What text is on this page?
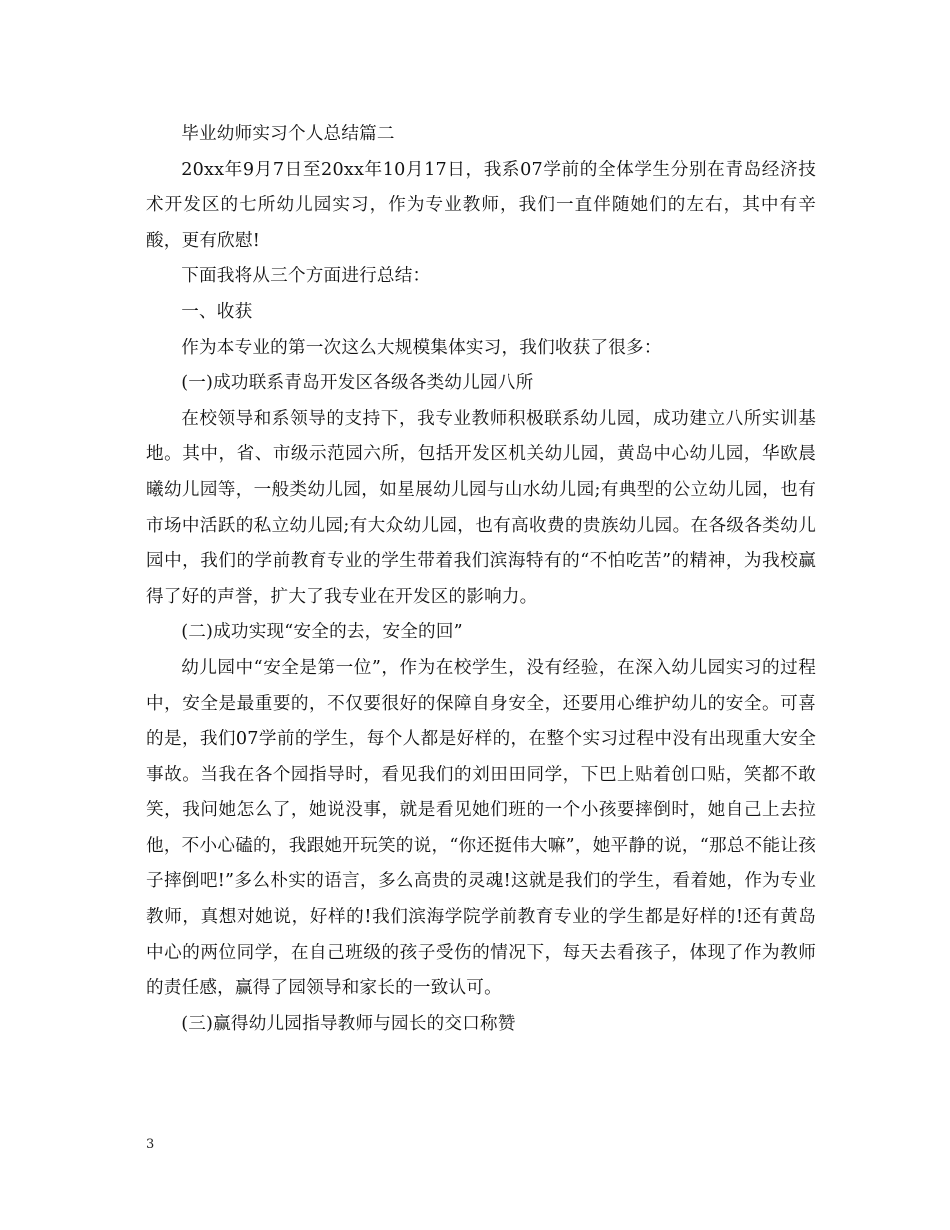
毕业幼师实习个人总结篇二

20xx年9月7日至20xx年10月17日，我系07学前的全体学生分别在青岛经济技术开发区的七所幼儿园实习，作为专业教师，我们一直伴随她们的左右，其中有辛酸，更有欣慰!

下面我将从三个方面进行总结：

一、收获

作为本专业的第一次这么大规模集体实习，我们收获了很多：

(一)成功联系青岛开发区各级各类幼儿园八所

在校领导和系领导的支持下，我专业教师积极联系幼儿园，成功建立八所实训基地。其中，省、市级示范园六所，包括开发区机关幼儿园，黄岛中心幼儿园，华欧晨曦幼儿园等，一般类幼儿园，如星展幼儿园与山水幼儿园;有典型的公立幼儿园，也有市场中活跃的私立幼儿园;有大众幼儿园，也有高收费的贵族幼儿园。在各级各类幼儿园中，我们的学前教育专业的学生带着我们滨海特有的“不怕吃苦”的精神，为我校赢得了好的声誉，扩大了我专业在开发区的影响力。

(二)成功实现“安全的去，安全的回”

幼儿园中“安全是第一位”，作为在校学生，没有经验，在深入幼儿园实习的过程中，安全是最重要的，不仅要很好的保障自身安全，还要用心维护幼儿的安全。可喜的是，我们07学前的学生，每个人都是好样的，在整个实习过程中没有出现重大安全事故。当我在各个园指导时，看见我们的刘田田同学，下巴上贴着创口贴，笑都不敢笑，我问她怎么了，她说没事，就是看见她们班的一个小孩要摔倒时，她自己上去拉他，不小心磕的，我跟她开玩笑的说，“你还挺伟大嘛”，她平静的说，“那总不能让孩子摔倒吧!”多么朴实的语言，多么高贵的灵魂!这就是我们的学生，看着她，作为专业教师，真想对她说，好样的!我们滨海学院学前教育专业的学生都是好样的!还有黄岛中心的两位同学，在自己班级的孩子受伤的情况下，每天去看孩子，体现了作为教师的责任感，赢得了园领导和家长的一致认可。

(三)赢得幼儿园指导教师与园长的交口称赞

3
